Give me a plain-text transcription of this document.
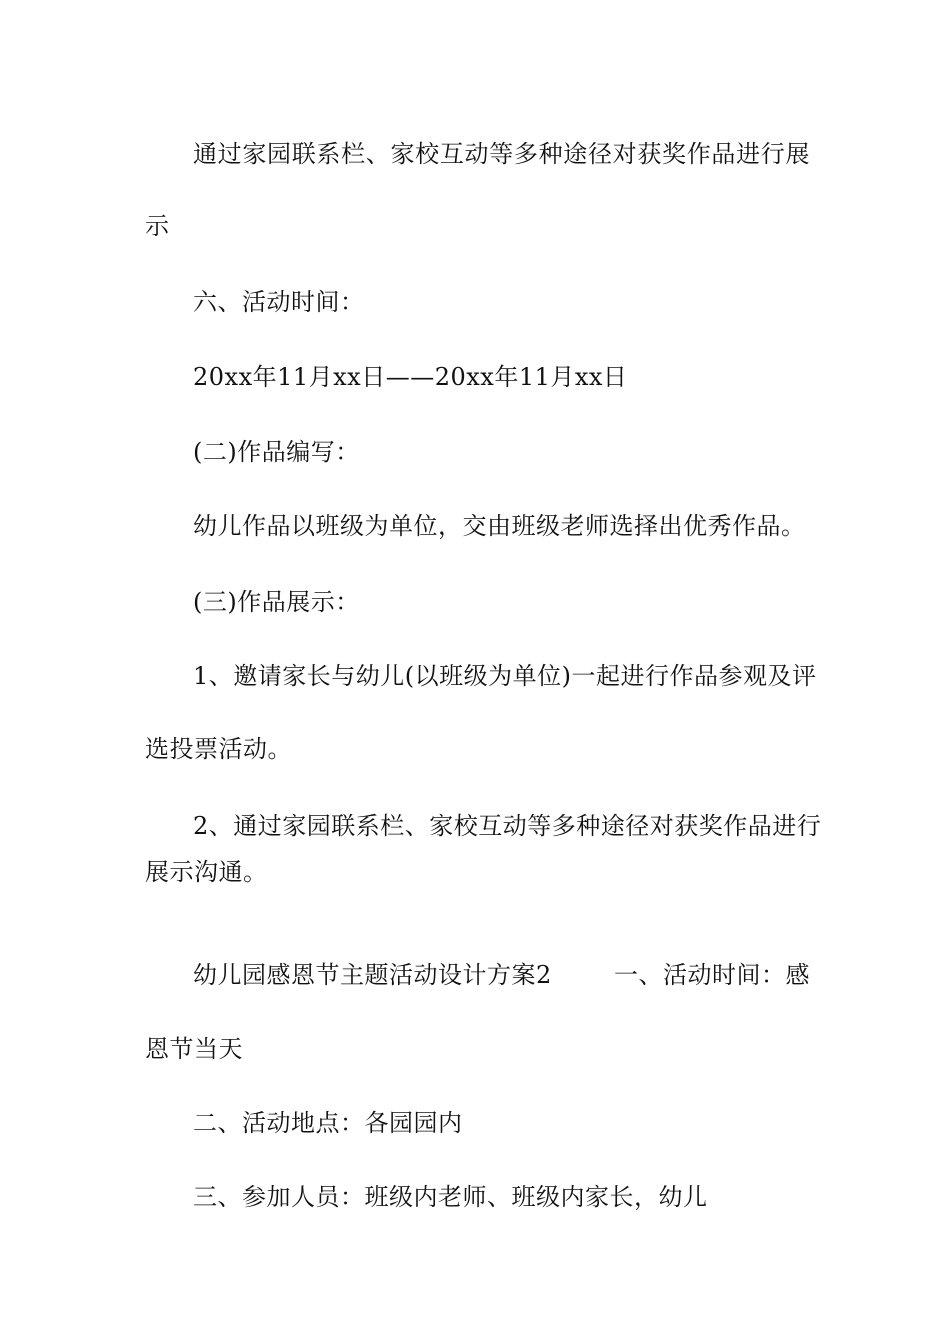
通过家园联系栏、家校互动等多种途径对获奖作品进行展
示
六、活动时间：
20xx年11月xx日——20xx年11月xx日
(二)作品编写：
幼儿作品以班级为单位，交由班级老师选择出优秀作品。
(三)作品展示：
1、邀请家长与幼儿(以班级为单位)一起进行作品参观及评
选投票活动。
2、通过家园联系栏、家校互动等多种途径对获奖作品进行
展示沟通。
幼儿园感恩节主题活动设计方案2	一、活动时间：感
恩节当天
二、活动地点：各园园内
三、参加人员：班级内老师、班级内家长，幼儿
